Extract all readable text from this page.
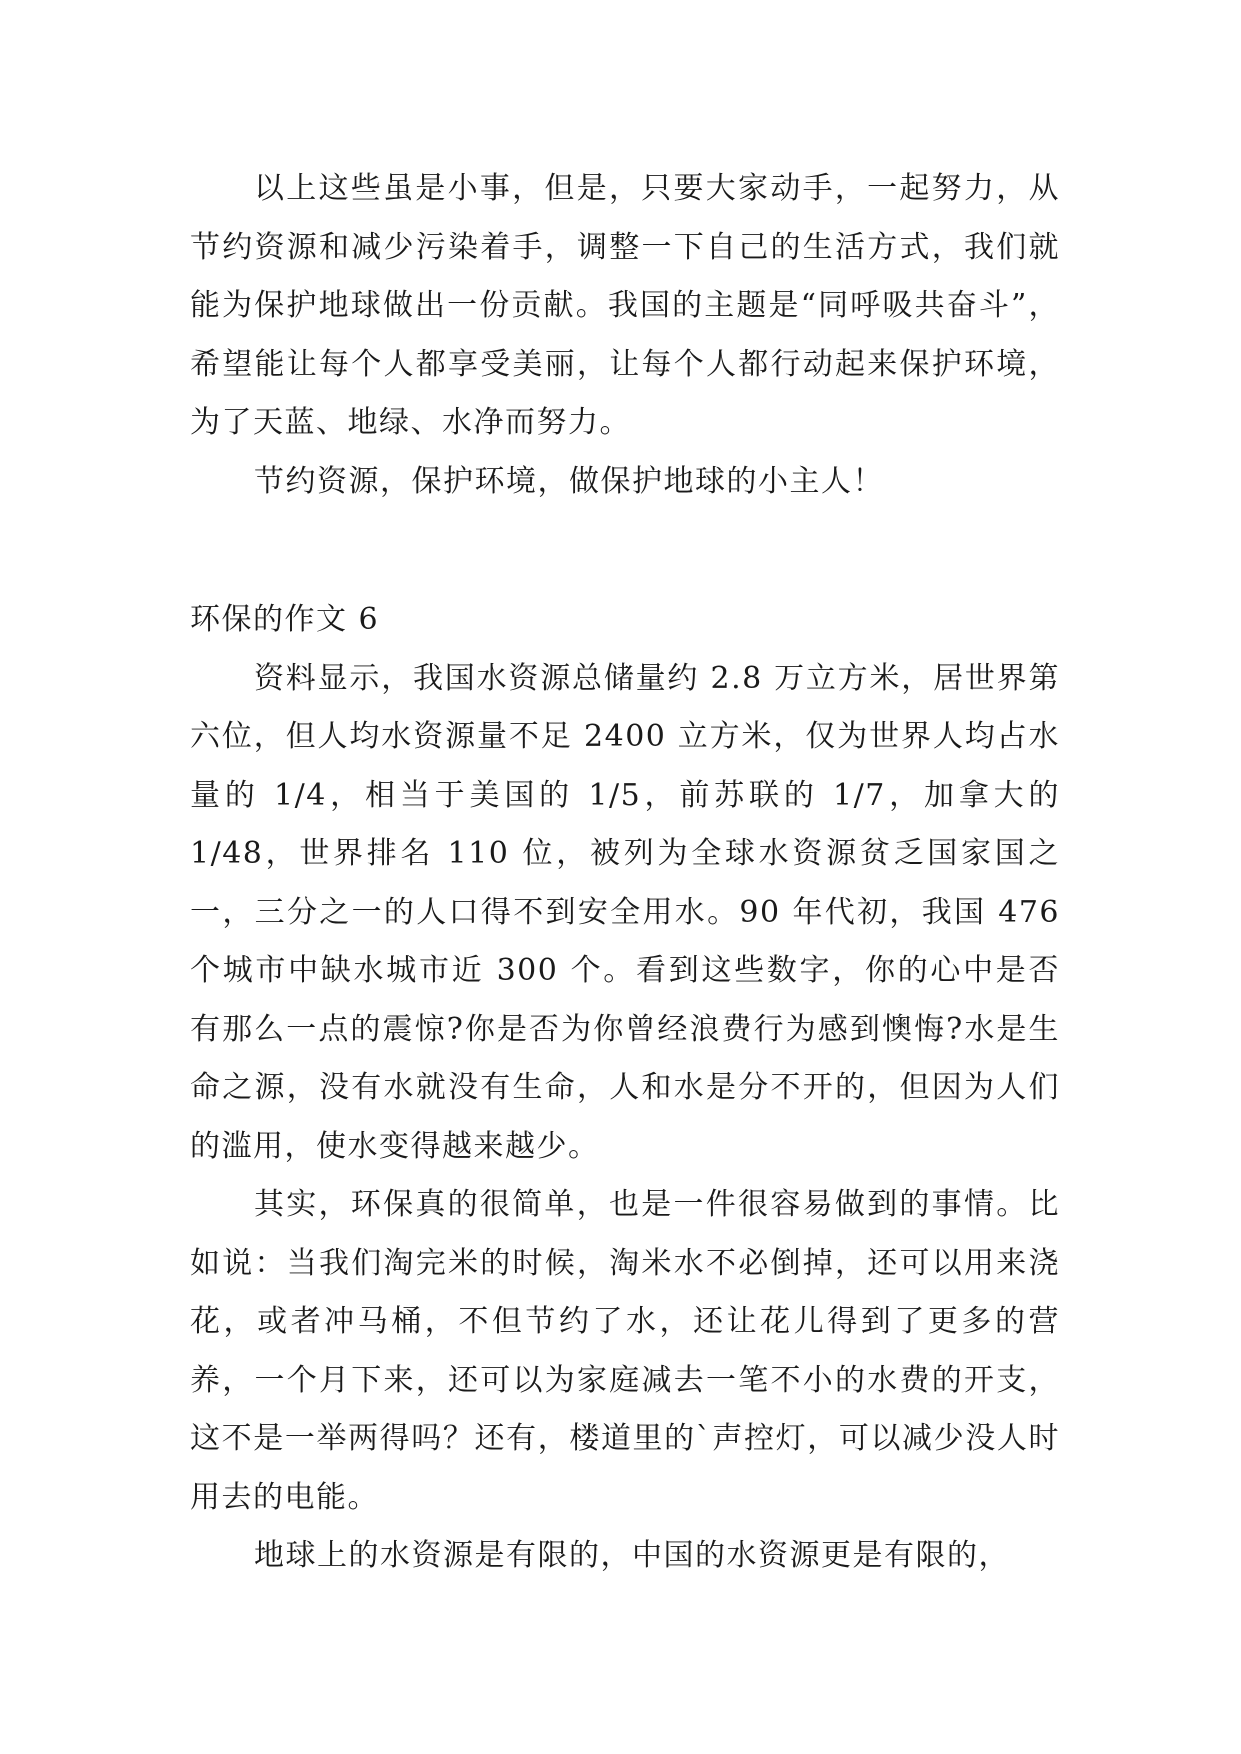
以上这些虽是小事，但是，只要大家动手，一起努力，从节约资源和减少污染着手，调整一下自己的生活方式，我们就能为保护地球做出一份贡献。我国的主题是“同呼吸共奋斗”，希望能让每个人都享受美丽，让每个人都行动起来保护环境，为了天蓝、地绿、水净而努力。

节约资源，保护环境，做保护地球的小主人！

环保的作文 6

资料显示，我国水资源总储量约 2.8 万立方米，居世界第六位，但人均水资源量不足 2400 立方米，仅为世界人均占水量的 1/4，相当于美国的 1/5，前苏联的 1/7，加拿大的 1/48，世界排名 110 位，被列为全球水资源贫乏国家国之一，三分之一的人口得不到安全用水。90 年代初，我国 476 个城市中缺水城市近 300 个。看到这些数字，你的心中是否有那么一点的震惊?你是否为你曾经浪费行为感到懊悔?水是生命之源，没有水就没有生命，人和水是分不开的，但因为人们的滥用，使水变得越来越少。

其实，环保真的很简单，也是一件很容易做到的事情。比如说：当我们淘完米的时候，淘米水不必倒掉，还可以用来浇花，或者冲马桶，不但节约了水，还让花儿得到了更多的营养，一个月下来，还可以为家庭减去一笔不小的水费的开支，这不是一举两得吗？还有，楼道里的`声控灯，可以减少没人时用去的电能。

地球上的水资源是有限的，中国的水资源更是有限的，
